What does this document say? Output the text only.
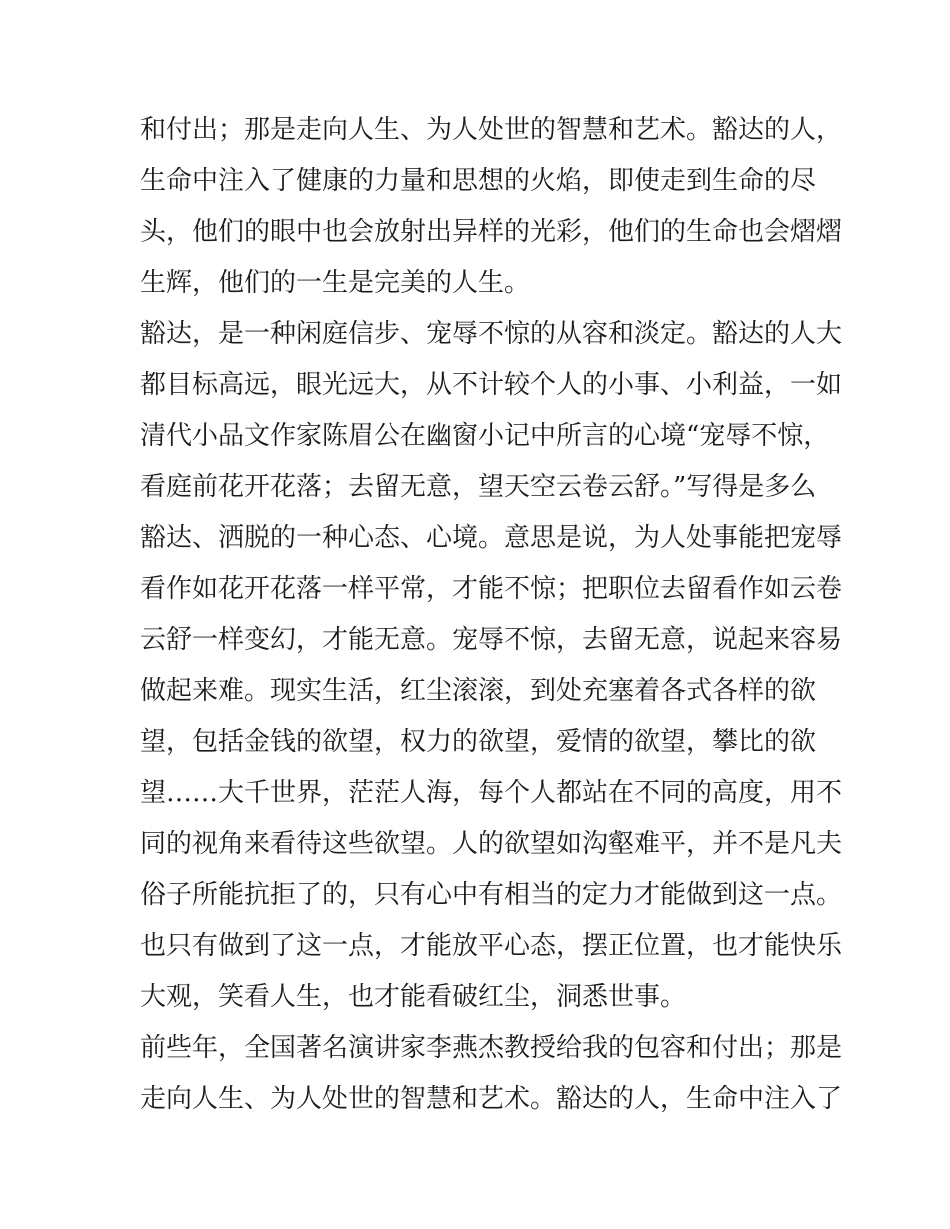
和付出；那是走向人生、为人处世的智慧和艺术。豁达的人，
生命中注入了健康的力量和思想的火焰，即使走到生命的尽
头，他们的眼中也会放射出异样的光彩，他们的生命也会熠熠
生辉，他们的一生是完美的人生。
豁达，是一种闲庭信步、宠辱不惊的从容和淡定。豁达的人大
都目标高远，眼光远大，从不计较个人的小事、小利益，一如
清代小品文作家陈眉公在幽窗小记中所言的心境“宠辱不惊，
看庭前花开花落；去留无意，望天空云卷云舒。”写得是多么
豁达、洒脱的一种心态、心境。意思是说，为人处事能把宠辱
看作如花开花落一样平常，才能不惊；把职位去留看作如云卷
云舒一样变幻，才能无意。宠辱不惊，去留无意，说起来容易
做起来难。现实生活，红尘滚滚，到处充塞着各式各样的欲
望，包括金钱的欲望，权力的欲望，爱情的欲望，攀比的欲
望……大千世界，茫茫人海，每个人都站在不同的高度，用不
同的视角来看待这些欲望。人的欲望如沟壑难平，并不是凡夫
俗子所能抗拒了的，只有心中有相当的定力才能做到这一点。
也只有做到了这一点，才能放平心态，摆正位置，也才能快乐
大观，笑看人生，也才能看破红尘，洞悉世事。
前些年，全国著名演讲家李燕杰教授给我的包容和付出；那是
走向人生、为人处世的智慧和艺术。豁达的人，生命中注入了
